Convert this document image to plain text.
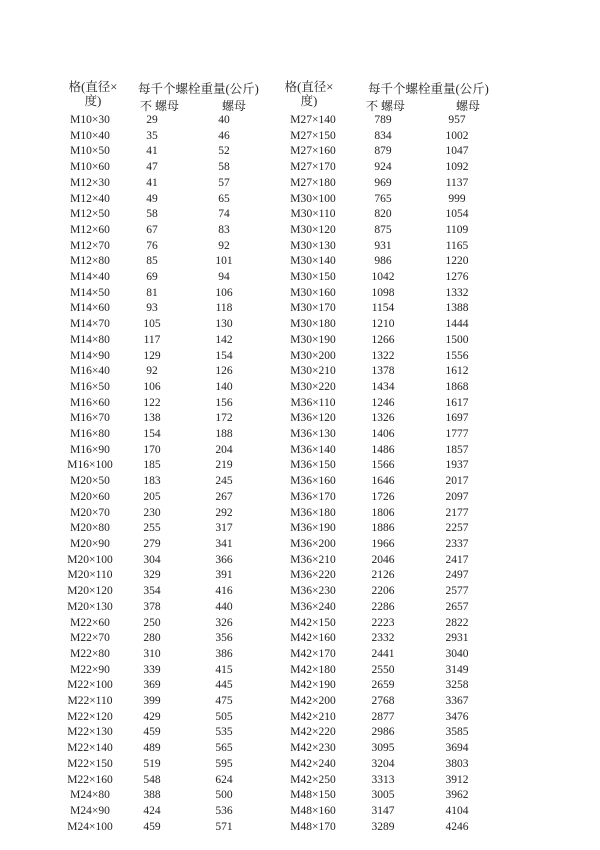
格(直径×
度)
每千个螺栓重量(公斤)
不 螺母	螺母
格(直径×
度)
每千个螺栓重量(公斤)
不 螺母	螺母
M10×30	29	40
M10×40	35	46
M10×50	41	52
M10×60	47	58
M12×30	41	57
M12×40	49	65
M12×50	58	74
M12×60	67	83
M12×70	76	92
M12×80	85	101
M14×40	69	94
M14×50	81	106
M14×60	93	118
M14×70	105	130
M14×80	117	142
M14×90	129	154
M16×40	92	126
M16×50	106	140
M16×60	122	156
M16×70	138	172
M16×80	154	188
M16×90	170	204
M16×100	185	219
M20×50	183	245
M20×60	205	267
M20×70	230	292
M20×80	255	317
M20×90	279	341
M20×100	304	366
M20×110	329	391
M20×120	354	416
M20×130	378	440
M22×60	250	326
M22×70	280	356
M22×80	310	386
M22×90	339	415
M22×100	369	445
M22×110	399	475
M22×120	429	505
M22×130	459	535
M22×140	489	565
M22×150	519	595
M22×160	548	624
M24×80	388	500
M24×90	424	536
M24×100	459	571
M27×140	789	957
M27×150	834	1002
M27×160	879	1047
M27×170	924	1092
M27×180	969	1137
M30×100	765	999
M30×110	820	1054
M30×120	875	1109
M30×130	931	1165
M30×140	986	1220
M30×150	1042	1276
M30×160	1098	1332
M30×170	1154	1388
M30×180	1210	1444
M30×190	1266	1500
M30×200	1322	1556
M30×210	1378	1612
M30×220	1434	1868
M36×110	1246	1617
M36×120	1326	1697
M36×130	1406	1777
M36×140	1486	1857
M36×150	1566	1937
M36×160	1646	2017
M36×170	1726	2097
M36×180	1806	2177
M36×190	1886	2257
M36×200	1966	2337
M36×210	2046	2417
M36×220	2126	2497
M36×230	2206	2577
M36×240	2286	2657
M42×150	2223	2822
M42×160	2332	2931
M42×170	2441	3040
M42×180	2550	3149
M42×190	2659	3258
M42×200	2768	3367
M42×210	2877	3476
M42×220	2986	3585
M42×230	3095	3694
M42×240	3204	3803
M42×250	3313	3912
M48×150	3005	3962
M48×160	3147	4104
M48×170	3289	4246
